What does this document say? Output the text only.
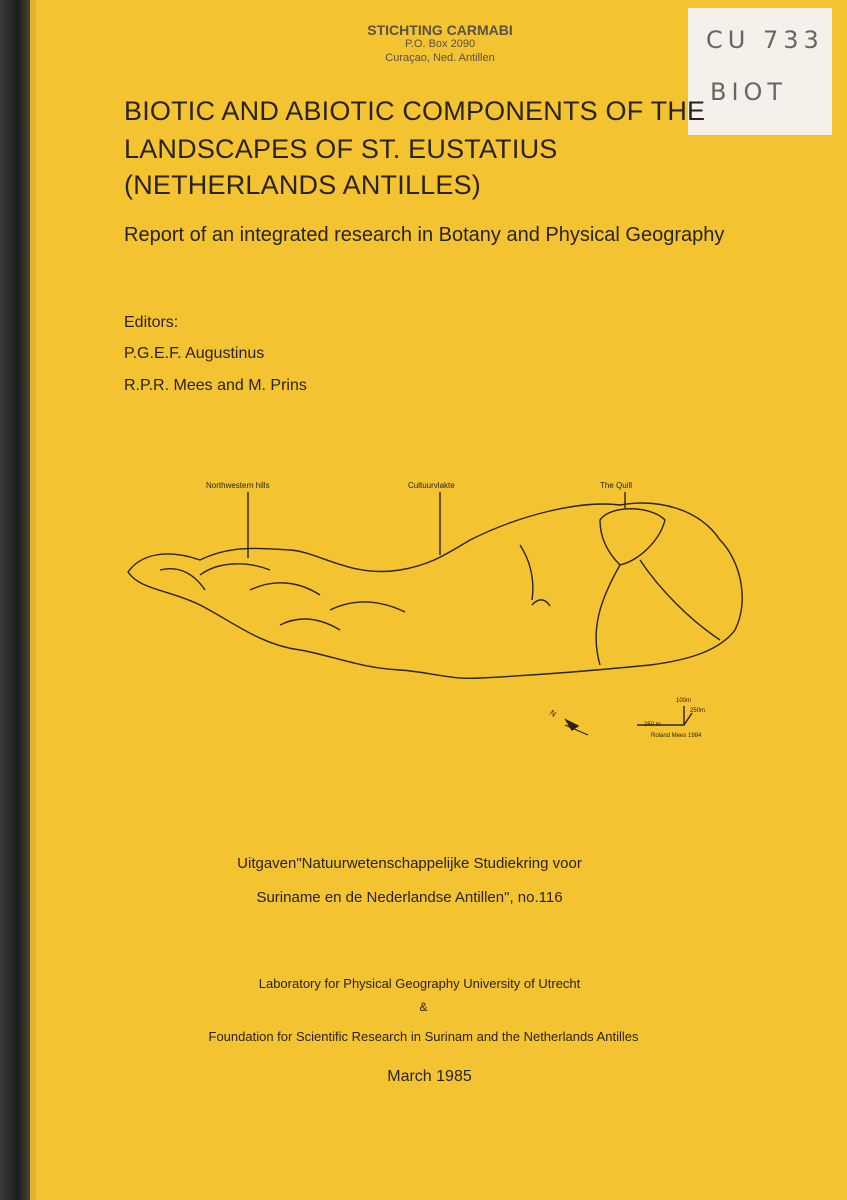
STICHTING CARMABI
P.O. Box 2090
Curaçao, Ned. Antillen
CU 733
BIOT
BIOTIC AND ABIOTIC COMPONENTS OF THE
LANDSCAPES OF ST. EUSTATIUS
(NETHERLANDS ANTILLES)
Report of an integrated research in Botany and Physical Geography
Editors:
P.G.E.F. Augustinus
R.P.R. Mees and M. Prins
Northwestern hills	Cultuurvlakte	The Quill
N
100m
250m
250 m
Roland Mees 1984
Uitgaven"Natuurwetenschappelijke Studiekring voor
Suriname en de Nederlandse Antillen", no.116
Laboratory for Physical Geography University of Utrecht
&
Foundation for Scientific Research in Surinam and the Netherlands Antilles
March 1985
